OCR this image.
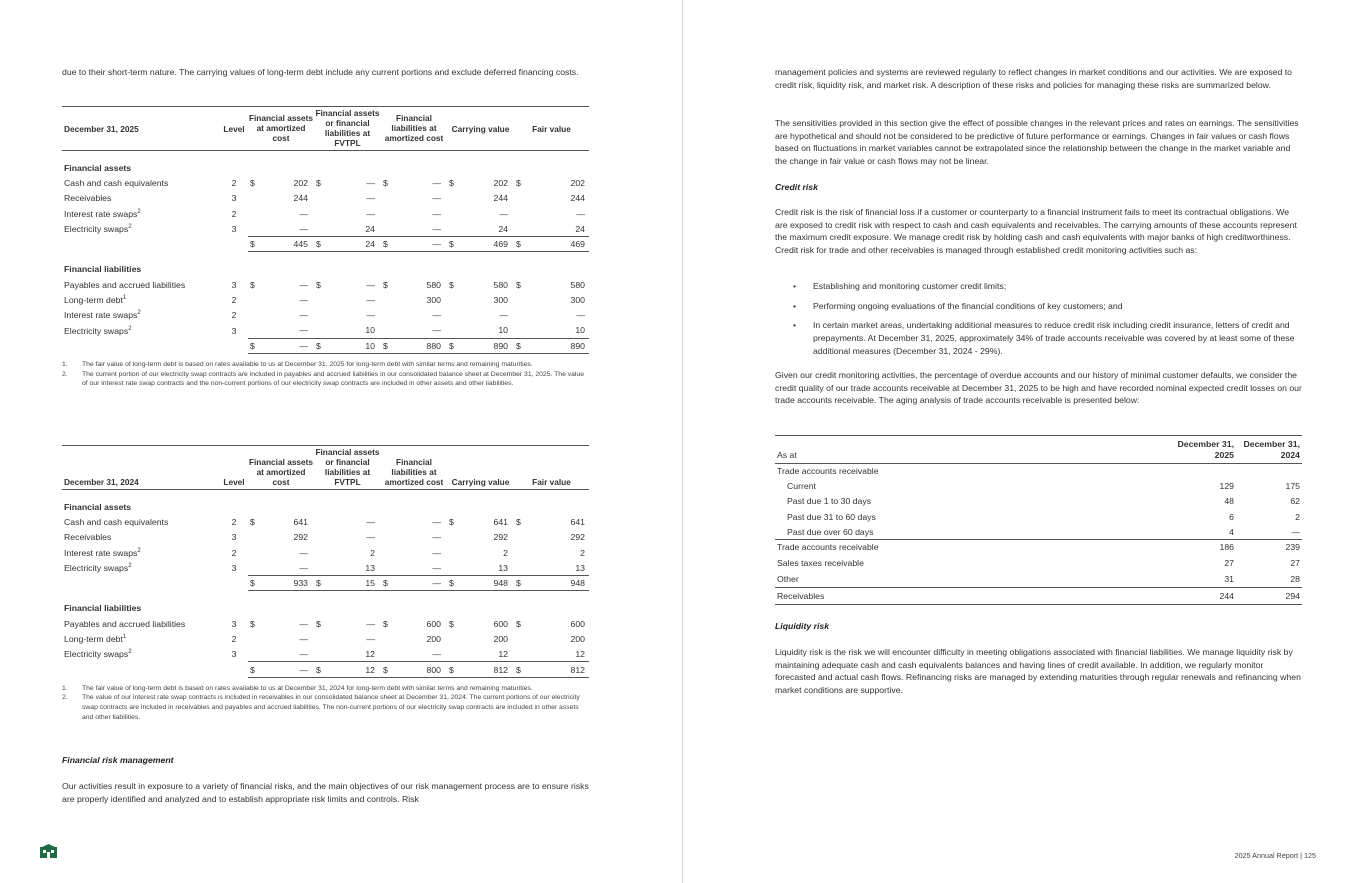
due to their short-term nature. The carrying values of long-term debt include any current portions and exclude deferred financing costs.

December 31, 2025	Level	Financial assets at amortized cost		Financial assets or financial liabilities at FVTPL		Financial liabilities at amortized cost		Carrying value		Fair value	

Financial assets											
Cash and cash equivalents	2	$	202	$	—	$	—	$	202	$	202
Receivables	3		244		—		—		244		244
Interest rate swaps$^2$	2		—		—		—		—		—
Electricity swaps$^2$	3		—		24		—		24		24
		$	445	$	24	$	—	$	469	$	469

Financial liabilities											
Payables and accrued liabilities	3	$	—	$	—	$	580	$	580	$	580
Long-term debt$^1$	2		—		—		300		300		300
Interest rate swaps$^2$	2		—		—		—		—		—
Electricity swaps$^2$	3		—		10		—		10		10
		$	—	$	10	$	880	$	890	$	890
1. The fair value of long-term debt is based on rates available to us at December 31, 2025 for long-term debt with similar terms and remaining maturities.
2. The current portion of our electricity swap contracts are included in payables and accrued liabilities in our consolidated balance sheet at December 31, 2025. The value of our interest rate swap contracts and the non-current portions of our electricity swap contracts are included in other assets and other liabilities.
December 31, 2024	Level	Financial assets at amortized cost		Financial assets or financial liabilities at FVTPL		Financial liabilities at amortized cost		Carrying value		Fair value	

Financial assets											
Cash and cash equivalents	2	$	641		—		—	$	641	$	641
Receivables	3		292		—		—		292		292
Interest rate swaps$^2$	2		—		2		—		2		2
Electricity swaps$^2$	3		—		13		—		13		13
		$	933	$	15	$	—	$	948	$	948

Financial liabilities											
Payables and accrued liabilities	3	$	—	$	—	$	600	$	600	$	600
Long-term debt$^1$	2		—		—		200		200		200
Electricity swaps$^2$	3		—		12		—		12		12
		$	—	$	12	$	800	$	812	$	812
1. The fair value of long-term debt is based on rates available to us at December 31, 2024 for long-term debt with similar terms and remaining maturities.
2. The value of our interest rate swap contracts is included in receivables in our consolidated balance sheet at December 31, 2024. The current portions of our electricity swap contracts are included in receivables and payables and accrued liabilities. The non-current portions of our electricity swap contracts are included in other assets and other liabilities.
Financial risk management

Our activities result in exposure to a variety of financial risks, and the main objectives of our risk management process are to ensure risks are properly identified and analyzed and to establish appropriate risk limits and controls. Risk

management policies and systems are reviewed regularly to reflect changes in market conditions and our activities. We are exposed to credit risk, liquidity risk, and market risk. A description of these risks and policies for managing these risks are summarized below.

The sensitivities provided in this section give the effect of possible changes in the relevant prices and rates on earnings. The sensitivities are hypothetical and should not be considered to be predictive of future performance or earnings. Changes in fair values or cash flows based on fluctuations in market variables cannot be extrapolated since the relationship between the change in the market variable and the change in fair value or cash flows may not be linear.

Credit risk

Credit risk is the risk of financial loss if a customer or counterparty to a financial instrument fails to meet its contractual obligations. We are exposed to credit risk with respect to cash and cash equivalents and receivables. The carrying amounts of these accounts represent the maximum credit exposure. We manage credit risk by holding cash and cash equivalents with major banks of high creditworthiness. Credit risk for trade and other receivables is managed through established credit monitoring activities such as:

• Establishing and monitoring customer credit limits;
• Performing ongoing evaluations of the financial conditions of key customers; and
• In certain market areas, undertaking additional measures to reduce credit risk including credit insurance, letters of credit and prepayments. At December 31, 2025, approximately 34% of trade accounts receivable was covered by at least some of these additional measures (December 31, 2024 - 29%).

Given our credit monitoring activities, the percentage of overdue accounts and our history of minimal customer defaults, we consider the credit quality of our trade accounts receivable at December 31, 2025 to be high and have recorded nominal expected credit losses on our trade accounts receivable. The aging analysis of trade accounts receivable is presented below:

As at	December 31, 2025	December 31, 2024
Trade accounts receivable		
Current	129	175
Past due 1 to 30 days	48	62
Past due 31 to 60 days	6	2
Past due over 60 days	4	—
Trade accounts receivable	186	239
Sales taxes receivable	27	27
Other	31	28
Receivables	244	294
Liquidity risk

Liquidity risk is the risk we will encounter difficulty in meeting obligations associated with financial liabilities. We manage liquidity risk by maintaining adequate cash and cash equivalents balances and having lines of credit available. In addition, we regularly monitor forecasted and actual cash flows. Refinancing risks are managed by extending maturities through regular renewals and refinancing when market conditions are supportive.

2025 Annual Report | 125
